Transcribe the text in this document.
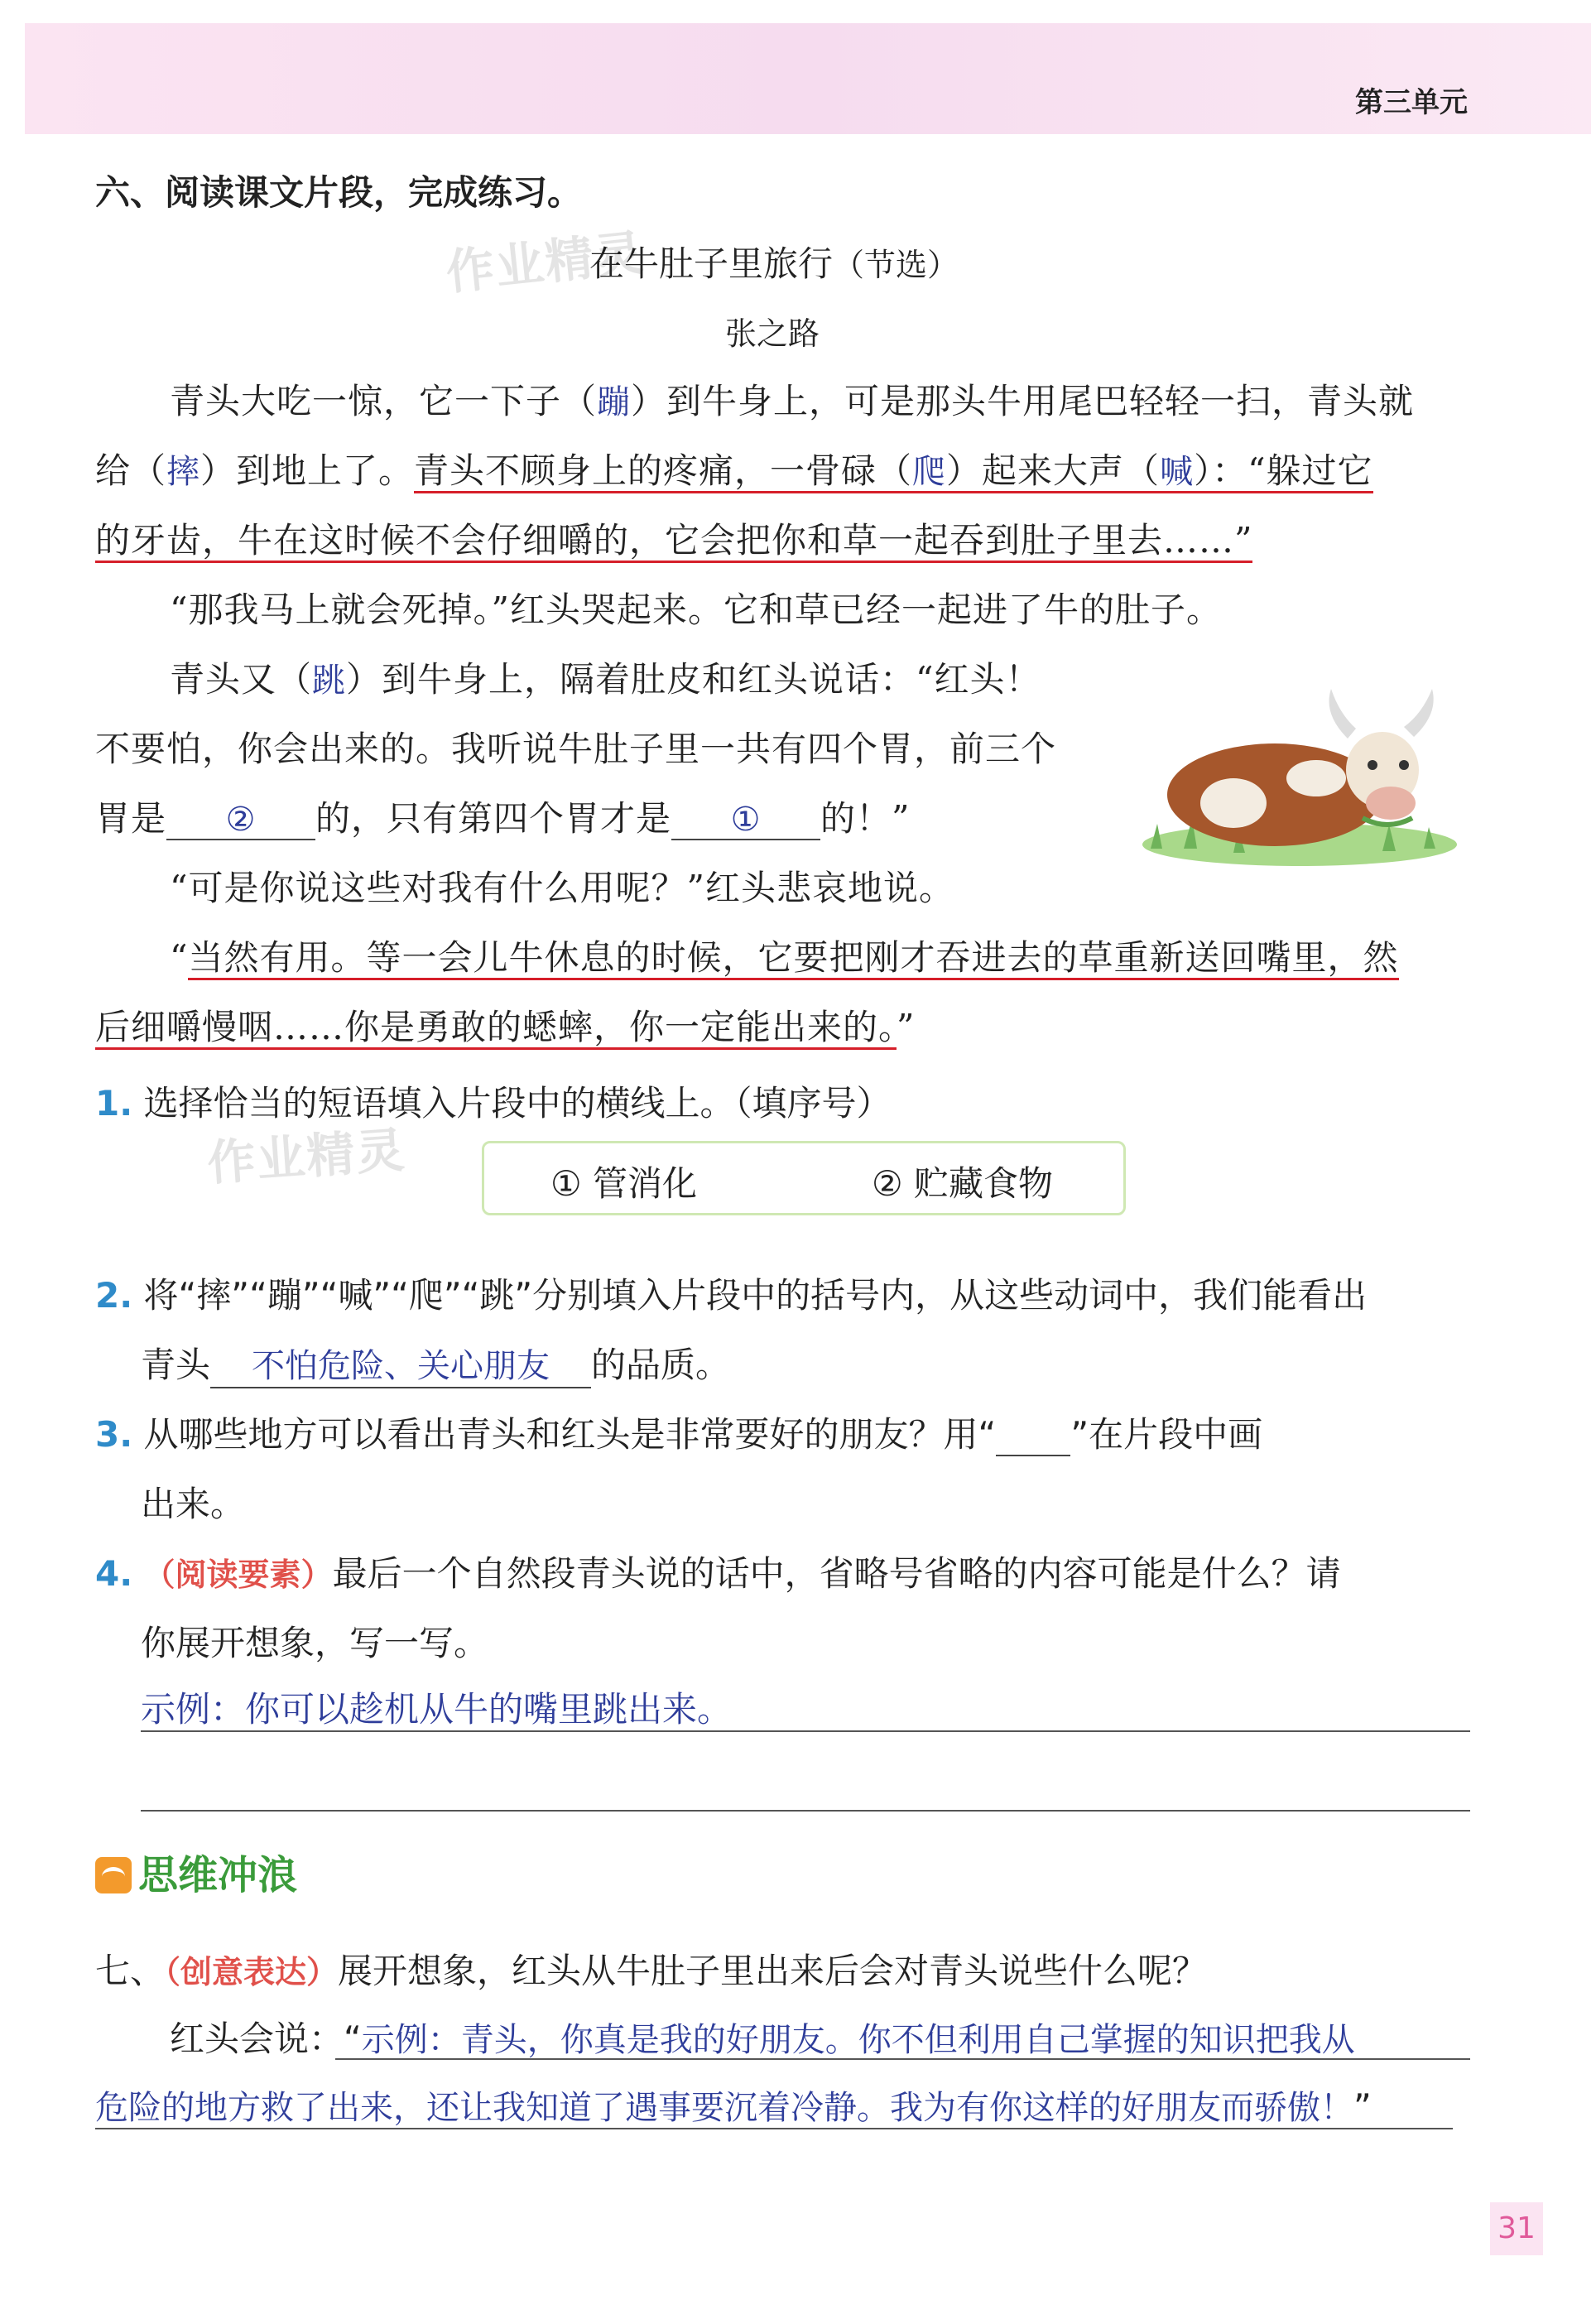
第三单元
六、阅读课文片段，完成练习。
作业精灵
作业精灵
在牛肚子里旅行（节选）
张之路
青头大吃一惊，它一下子（蹦）到牛身上，可是那头牛用尾巴轻轻一扫，青头就
给（摔）到地上了。青头不顾身上的疼痛，一骨碌（爬）起来大声（喊）：“躲过它
的牙齿，牛在这时候不会仔细嚼的，它会把你和草一起吞到肚子里去……”
“那我马上就会死掉。”红头哭起来。它和草已经一起进了牛的肚子。
青头又（跳）到牛身上，隔着肚皮和红头说话：“红头！
不要怕，你会出来的。我听说牛肚子里一共有四个胃，前三个
胃是 ② 的，只有第四个胃才是 ① 的！”
“可是你说这些对我有什么用呢？”红头悲哀地说。
“当然有用。等一会儿牛休息的时候，它要把刚才吞进去的草重新送回嘴里，然
后细嚼慢咽……你是勇敢的蟋蟀，你一定能出来的。”
1. 选择恰当的短语填入片段中的横线上。（填序号）
① 管消化	② 贮藏食物
2. 将“摔”“蹦”“喊”“爬”“跳”分别填入片段中的括号内，从这些动词中，我们能看出
青头 不怕危险、关心朋友 的品质。
3. 从哪些地方可以看出青头和红头是非常要好的朋友？用“ ”在片段中画
出来。
4. （阅读要素）最后一个自然段青头说的话中，省略号省略的内容可能是什么？请
你展开想象，写一写。
示例：你可以趁机从牛的嘴里跳出来。
思维冲浪
七、（创意表达）展开想象，红头从牛肚子里出来后会对青头说些什么呢？
红头会说：“示例：青头，你真是我的好朋友。你不但利用自己掌握的知识把我从
危险的地方救了出来，还让我知道了遇事要沉着冷静。我为有你这样的好朋友而骄傲！”
31
